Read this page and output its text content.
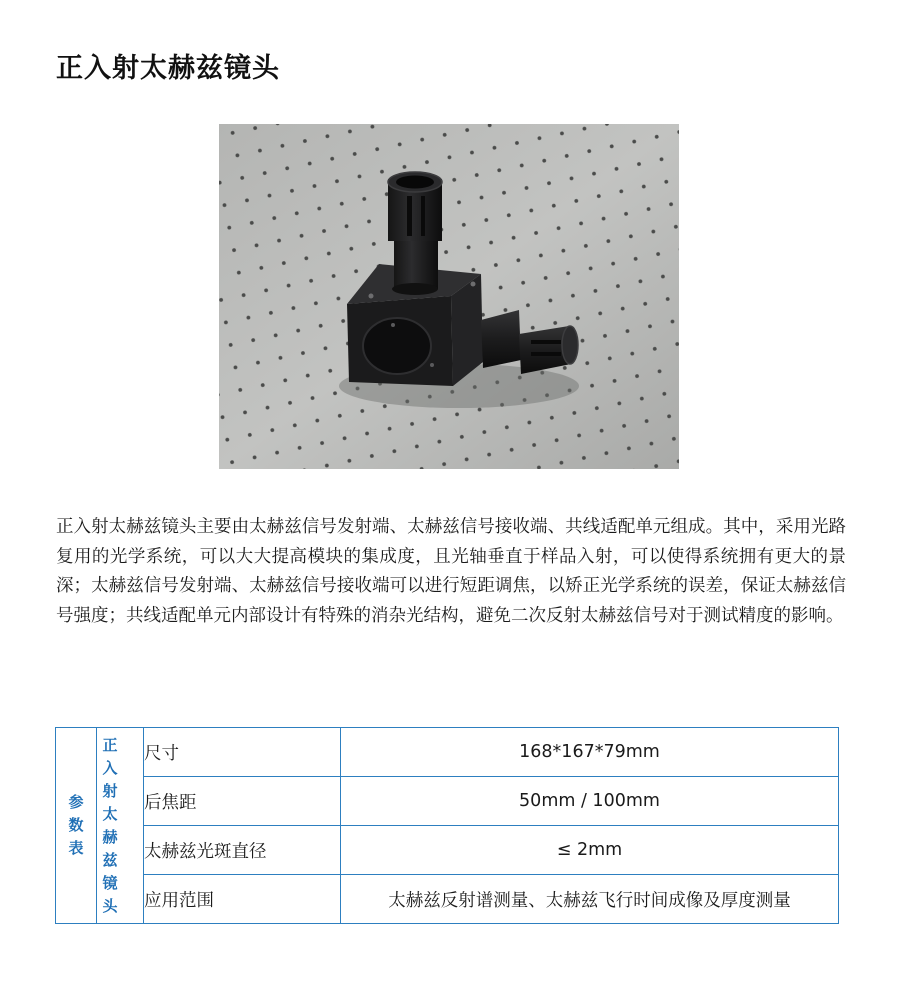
正入射太赫兹镜头

正入射太赫兹镜头主要由太赫兹信号发射端、太赫兹信号接收端、共线适配单元组成。其中，采用光路复用的光学系统，可以大大提高模块的集成度，且光轴垂直于样品入射，可以使得系统拥有更大的景深；太赫兹信号发射端、太赫兹信号接收端可以进行短距调焦，以矫正光学系统的误差，保证太赫兹信号强度；共线适配单元内部设计有特殊的消杂光结构，避免二次反射太赫兹信号对于测试精度的影响。

参数表	正入射太赫兹镜头	尺寸	168*167*79mm
		后焦距	50mm / 100mm
		太赫兹光斑直径	≤ 2mm
		应用范围	太赫兹反射谱测量、太赫兹飞行时间成像及厚度测量
